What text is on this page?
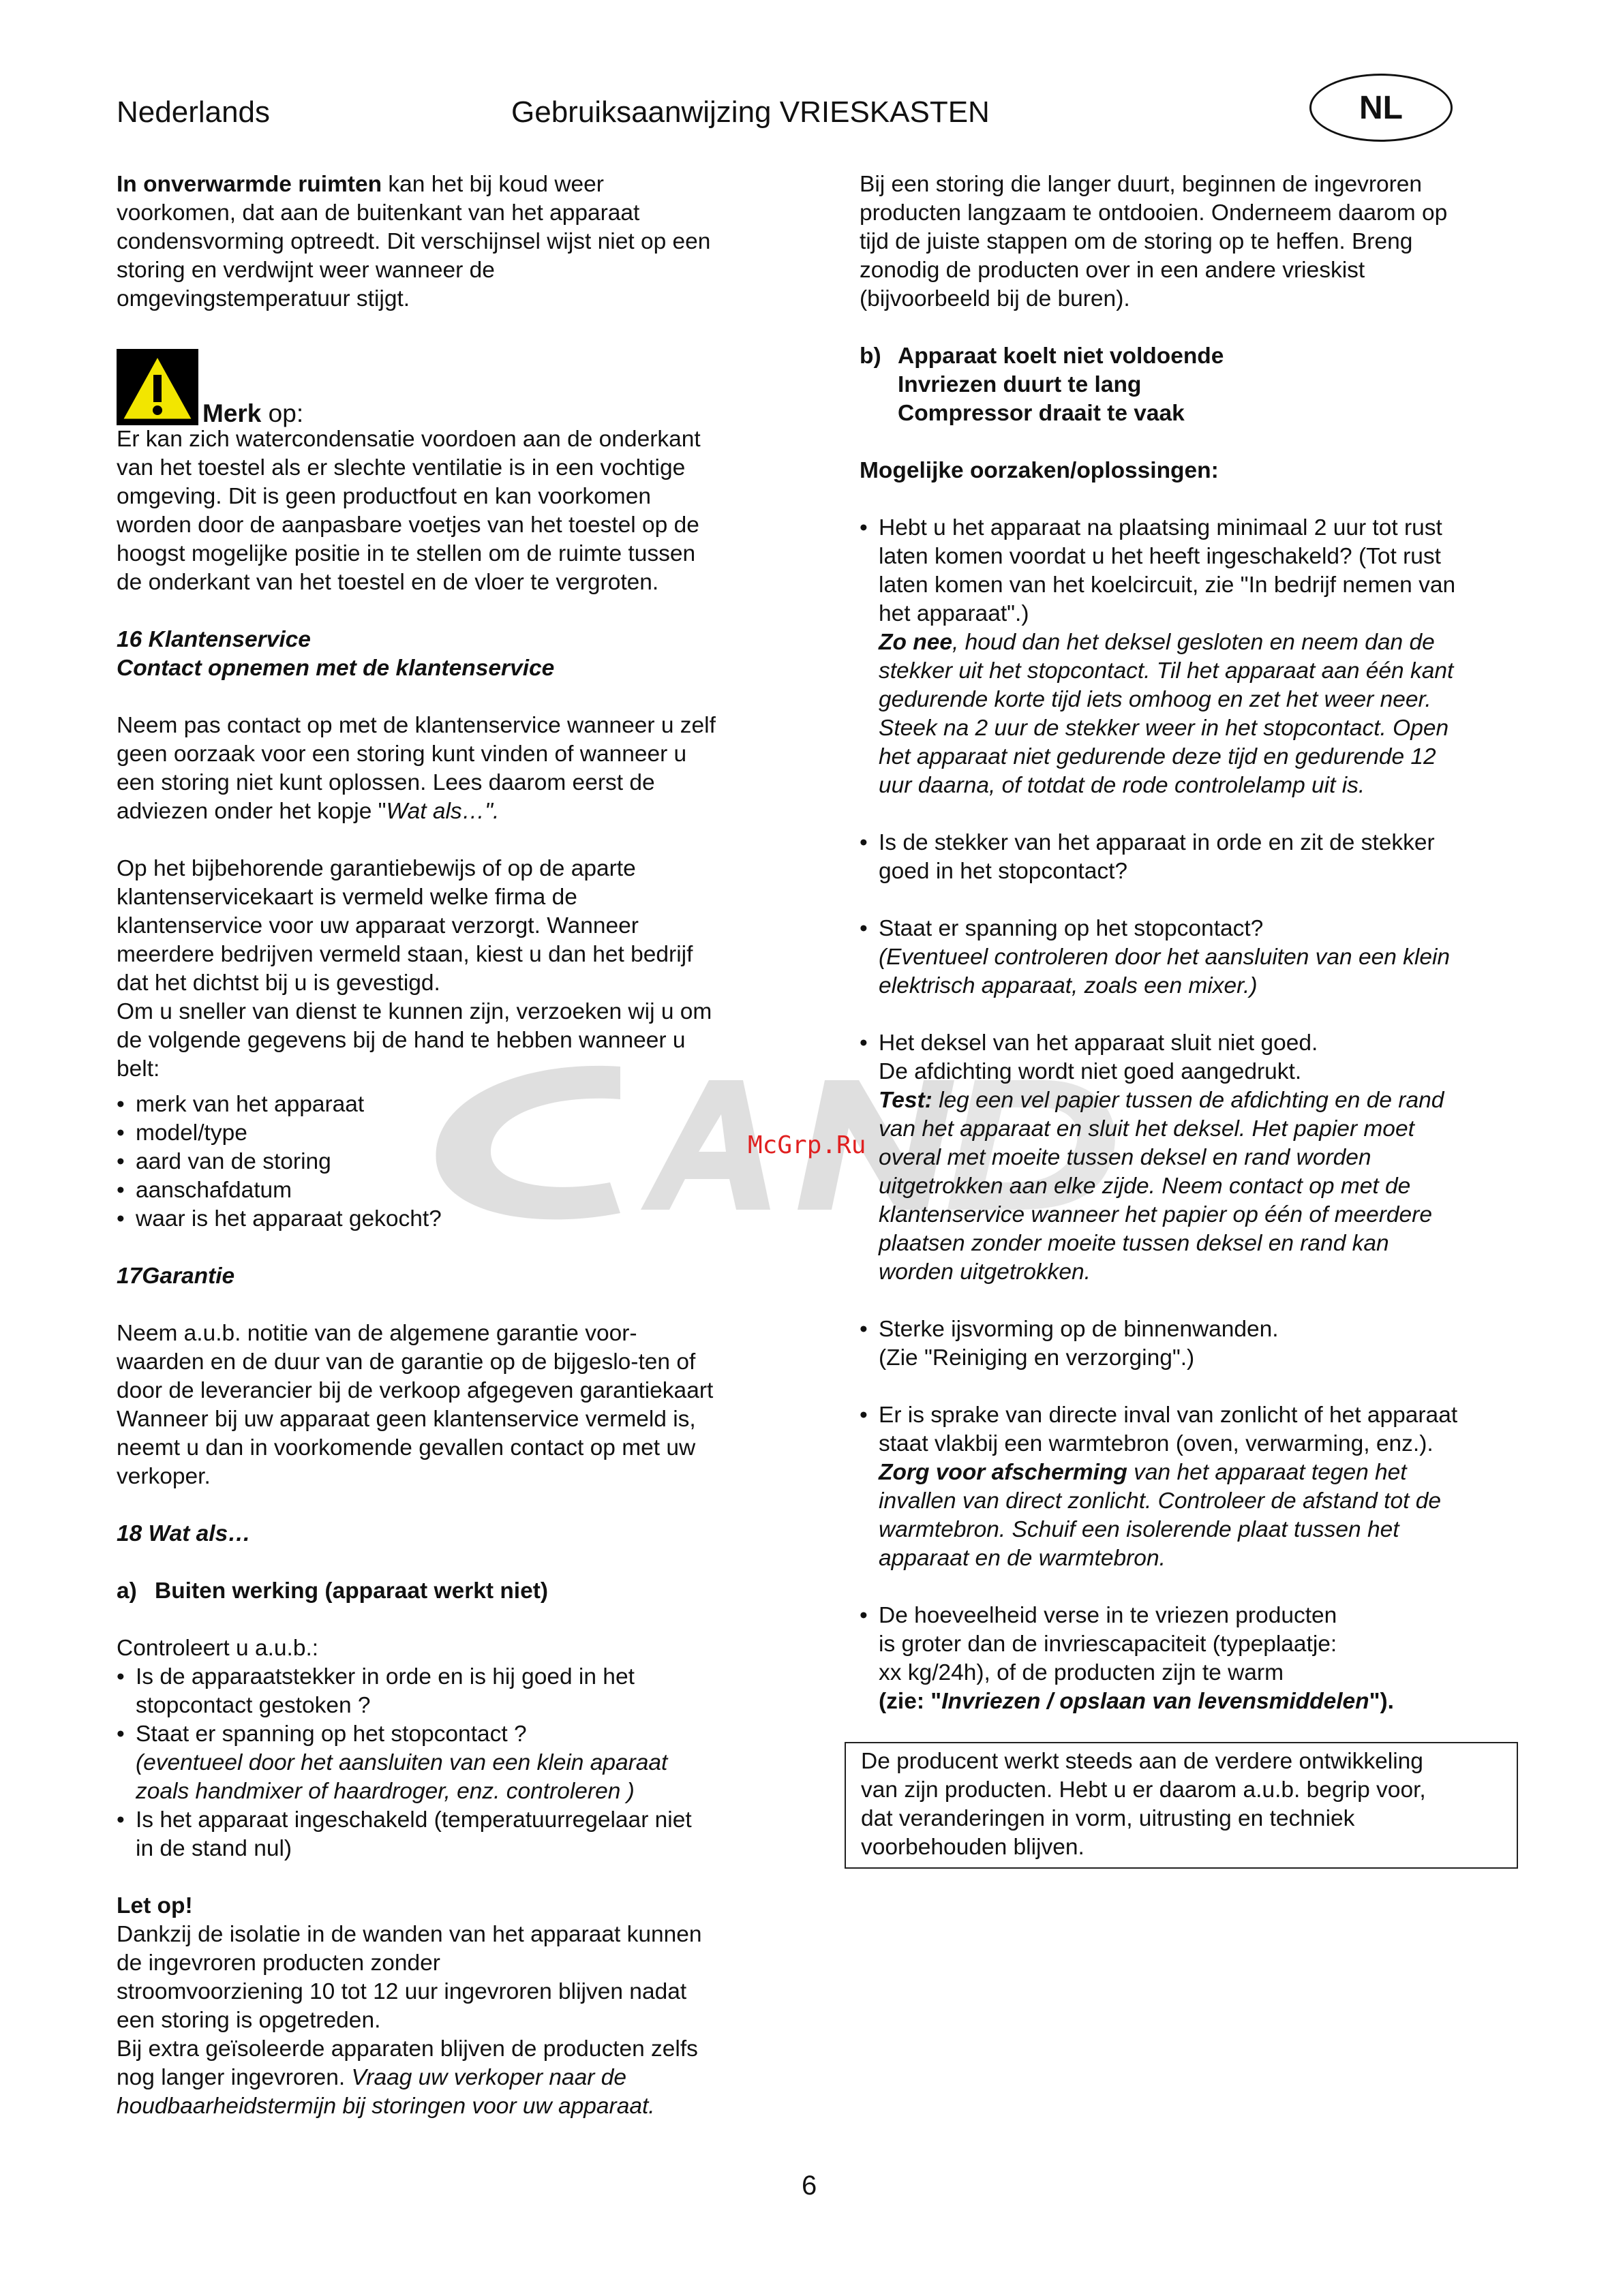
Nederlands	Gebruiksaanwijzing VRIESKASTEN	NL
McGrp.Ru

In onverwarmde ruimten kan het bij koud weer

voorkomen, dat aan de buitenkant van het apparaat

condensvorming optreedt. Dit verschijnsel wijst niet op een

storing en verdwijnt weer wanneer de

omgevingstemperatuur stijgt.

Merk op:

Er kan zich watercondensatie voordoen aan de onderkant

van het toestel als er slechte ventilatie is in een vochtige

omgeving. Dit is geen productfout en kan voorkomen

worden door de aanpasbare voetjes van het toestel op de

hoogst mogelijke positie in te stellen om de ruimte tussen

de onderkant van het toestel en de vloer te vergroten.

16 Klantenservice

Contact opnemen met de klantenservice

Neem pas contact op met de klantenservice wanneer u zelf

geen oorzaak voor een storing kunt vinden of wanneer u

een storing niet kunt oplossen. Lees daarom eerst de

adviezen onder het kopje "Wat als…".

Op het bijbehorende garantiebewijs of op de aparte

klantenservicekaart is vermeld welke firma de

klantenservice voor uw apparaat verzorgt. Wanneer

meerdere bedrijven vermeld staan, kiest u dan het bedrijf

dat het dichtst bij u is gevestigd.

Om u sneller van dienst te kunnen zijn, verzoeken wij u om

de volgende gegevens bij de hand te hebben wanneer u

belt:

• merk van het apparaat

• model/type

• aard van de storing

• aanschafdatum

• waar is het apparaat gekocht?

17Garantie

Neem a.u.b. notitie van de algemene garantie voor-

waarden en de duur van de garantie op de bijgeslo-ten of

door de leverancier bij de verkoop afgegeven garantiekaart

Wanneer bij uw apparaat geen klantenservice vermeld is,

neemt u dan in voorkomende gevallen contact op met uw

verkoper.

18 Wat als…

a) Buiten werking (apparaat werkt niet)

Controleert u a.u.b.:

• Is de apparaatstekker in orde en is hij goed in het

stopcontact gestoken ?

• Staat er spanning op het stopcontact ?

(eventueel door het aansluiten van een klein aparaat

zoals handmixer of haardroger, enz. controleren )

• Is het apparaat ingeschakeld (temperatuurregelaar niet

in de stand nul)

Let op!

Dankzij de isolatie in de wanden van het apparaat kunnen

de ingevroren producten zonder

stroomvoorziening 10 tot 12 uur ingevroren blijven nadat

een storing is opgetreden.

Bij extra geïsoleerde apparaten blijven de producten zelfs

nog langer ingevroren. Vraag uw verkoper naar de

houdbaarheidstermijn bij storingen voor uw apparaat.

Bij een storing die langer duurt, beginnen de ingevroren

producten langzaam te ontdooien. Onderneem daarom op

tijd de juiste stappen om de storing op te heffen. Breng

zonodig de producten over in een andere vrieskist

(bijvoorbeeld bij de buren).

b) Apparaat koelt niet voldoende

Invriezen duurt te lang

Compressor draait te vaak

Mogelijke oorzaken/oplossingen:

• Hebt u het apparaat na plaatsing minimaal 2 uur tot rust

laten komen voordat u het heeft ingeschakeld? (Tot rust

laten komen van het koelcircuit, zie "In bedrijf nemen van

het apparaat".)

Zo nee, houd dan het deksel gesloten en neem dan de

stekker uit het stopcontact. Til het apparaat aan één kant

gedurende korte tijd iets omhoog en zet het weer neer.

Steek na 2 uur de stekker weer in het stopcontact. Open

het apparaat niet gedurende deze tijd en gedurende 12

uur daarna, of totdat de rode controlelamp uit is.

• Is de stekker van het apparaat in orde en zit de stekker

goed in het stopcontact?

• Staat er spanning op het stopcontact?

(Eventueel controleren door het aansluiten van een klein

elektrisch apparaat, zoals een mixer.)

• Het deksel van het apparaat sluit niet goed.

De afdichting wordt niet goed aangedrukt.

Test: leg een vel papier tussen de afdichting en de rand

van het apparaat en sluit het deksel. Het papier moet

overal met moeite tussen deksel en rand worden

uitgetrokken aan elke zijde. Neem contact op met de

klantenservice wanneer het papier op één of meerdere

plaatsen zonder moeite tussen deksel en rand kan

worden uitgetrokken.

• Sterke ijsvorming op de binnenwanden.

(Zie "Reiniging en verzorging".)

• Er is sprake van directe inval van zonlicht of het apparaat

staat vlakbij een warmtebron (oven, verwarming, enz.).

Zorg voor afscherming van het apparaat tegen het

invallen van direct zonlicht. Controleer de afstand tot de

warmtebron. Schuif een isolerende plaat tussen het

apparaat en de warmtebron.

• De hoeveelheid verse in te vriezen producten

is groter dan de invriescapaciteit (typeplaatje:

xx kg/24h), of de producten zijn te warm

(zie: "Invriezen / opslaan van levensmiddelen").

De producent werkt steeds aan de verdere ontwikkeling

van zijn producten. Hebt u er daarom a.u.b. begrip voor,

dat veranderingen in vorm, uitrusting en techniek

voorbehouden blijven.

6
